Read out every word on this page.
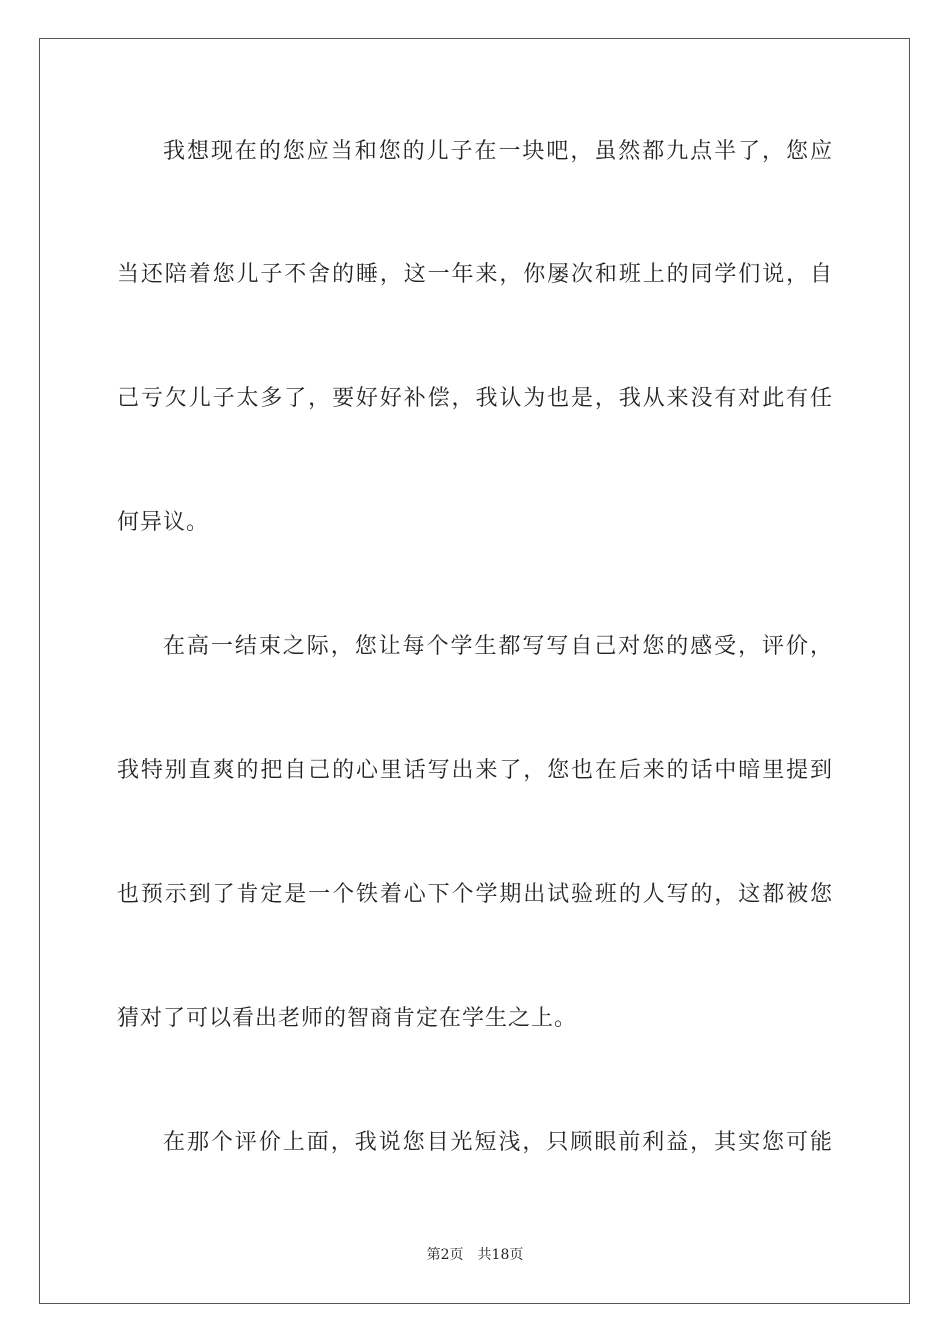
我想现在的您应当和您的儿子在一块吧，虽然都九点半了，您应
当还陪着您儿子不舍的睡，这一年来，你屡次和班上的同学们说，自
己亏欠儿子太多了，要好好补偿，我认为也是，我从来没有对此有任
何异议。
在高一结束之际，您让每个学生都写写自己对您的感受，评价，
我特别直爽的把自己的心里话写出来了，您也在后来的话中暗里提到
也预示到了肯定是一个铁着心下个学期出试验班的人写的，这都被您
猜对了可以看出老师的智商肯定在学生之上。
在那个评价上面，我说您目光短浅，只顾眼前利益，其实您可能
第2页 共18页
